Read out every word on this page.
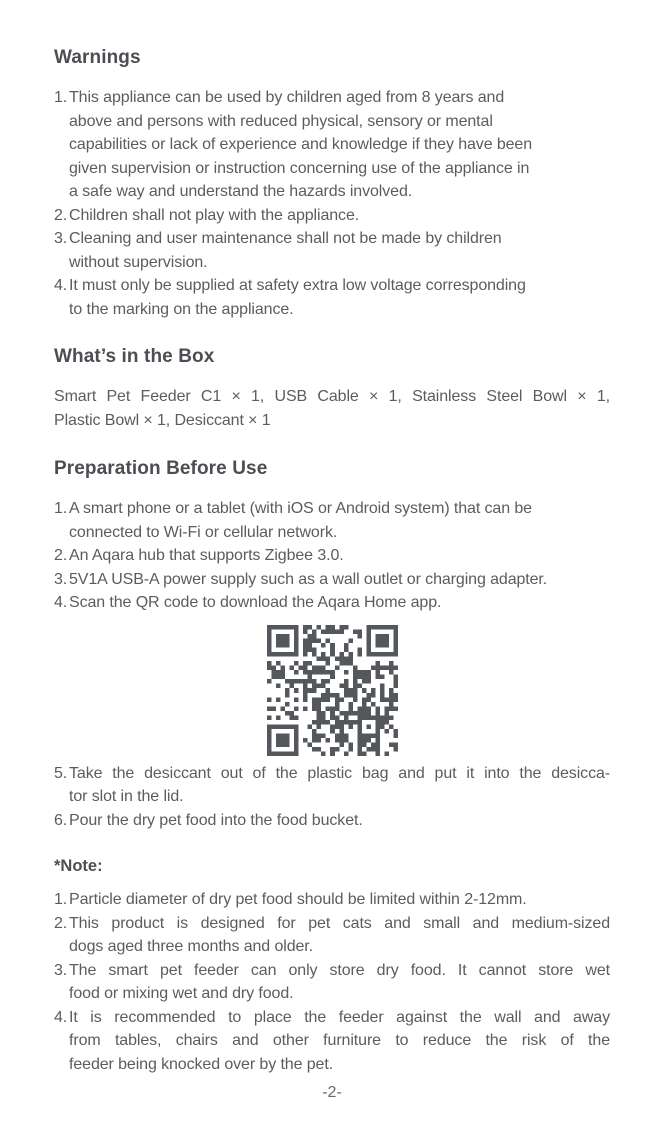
Warnings
1. This appliance can be used by children aged from 8 years and
above and persons with reduced physical, sensory or mental
capabilities or lack of experience and knowledge if they have been
given supervision or instruction concerning use of the appliance in
a safe way and understand the hazards involved.
2. Children shall not play with the appliance.
3. Cleaning and user maintenance shall not be made by children
without supervision.
4. It must only be supplied at safety extra low voltage corresponding
to the marking on the appliance.
What’s in the Box
Smart Pet Feeder C1 × 1, USB Cable × 1, Stainless Steel Bowl × 1,
Plastic Bowl × 1, Desiccant × 1
Preparation Before Use
1. A smart phone or a tablet (with iOS or Android system) that can be
connected to Wi-Fi or cellular network.
2. An Aqara hub that supports Zigbee 3.0.
3. 5V1A USB-A power supply such as a wall outlet or charging adapter.
4. Scan the QR code to download the Aqara Home app.
5. Take the desiccant out of the plastic bag and put it into the desicca-
tor slot in the lid.
6. Pour the dry pet food into the food bucket.
*Note:
1. Particle diameter of dry pet food should be limited within 2-12mm.
2. This product is designed for pet cats and small and medium-sized
dogs aged three months and older.
3. The smart pet feeder can only store dry food. It cannot store wet
food or mixing wet and dry food.
4. It is recommended to place the feeder against the wall and away
from tables, chairs and other furniture to reduce the risk of the
feeder being knocked over by the pet.
-2-
